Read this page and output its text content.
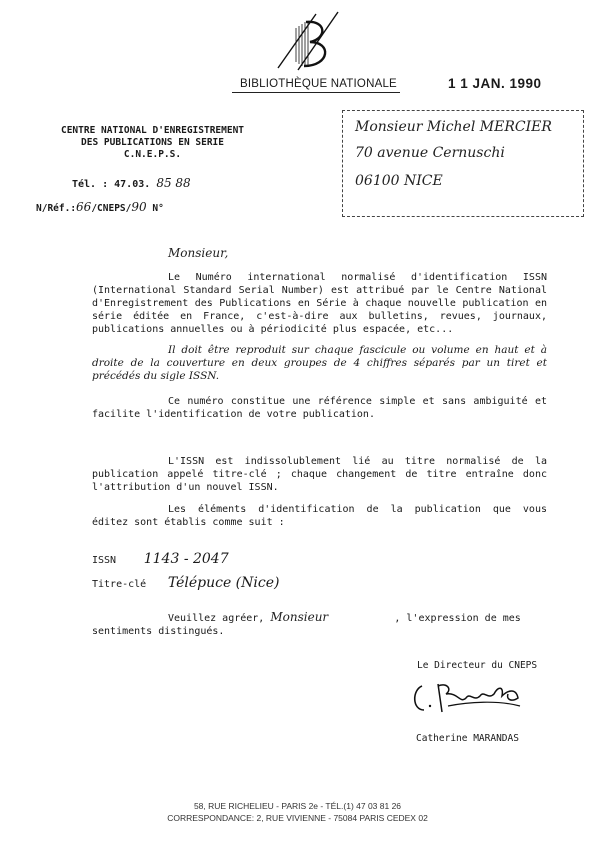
BIBLIOTHÈQUE NATIONALE	1 1 JAN. 1990
CENTRE NATIONAL D'ENREGISTREMENT
DES PUBLICATIONS EN SERIE
C.N.E.P.S.
Tél. : 47.03. 85 88
N/Réf.:66/CNEPS/90 N°
Monsieur Michel MERCIER
70 avenue Cernuschi
06100 NICE
Monsieur,
Le Numéro international normalisé d'identification ISSN (International Standard Serial Number) est attribué par le Centre National d'Enregistrement des Publications en Série à chaque nouvelle publication en série éditée en France, c'est-à-dire aux bulletins, revues, journaux, publications annuelles ou à périodicité plus espacée, etc...
Il doit être reproduit sur chaque fascicule ou volume en haut et à droite de la couverture en deux groupes de 4 chiffres séparés par un tiret et précédés du sigle ISSN.
Ce numéro constitue une référence simple et sans ambiguité et facilite l'identification de votre publication.
L'ISSN est indissolublement lié au titre normalisé de la publication appelé titre-clé ; chaque changement de titre entraîne donc l'attribution d'un nouvel ISSN.
Les éléments d'identification de la publication que vous éditez sont établis comme suit :
ISSN 1143 - 2047
Titre-clé Télépuce (Nice)
Veuillez agréer, Monsieur	, l'expression de mes
sentiments distingués.
Le Directeur du CNEPS
Catherine MARANDAS
58, RUE RICHELIEU - PARIS 2e - TÉL.(1) 47 03 81 26
CORRESPONDANCE: 2, RUE VIVIENNE - 75084 PARIS CEDEX 02
